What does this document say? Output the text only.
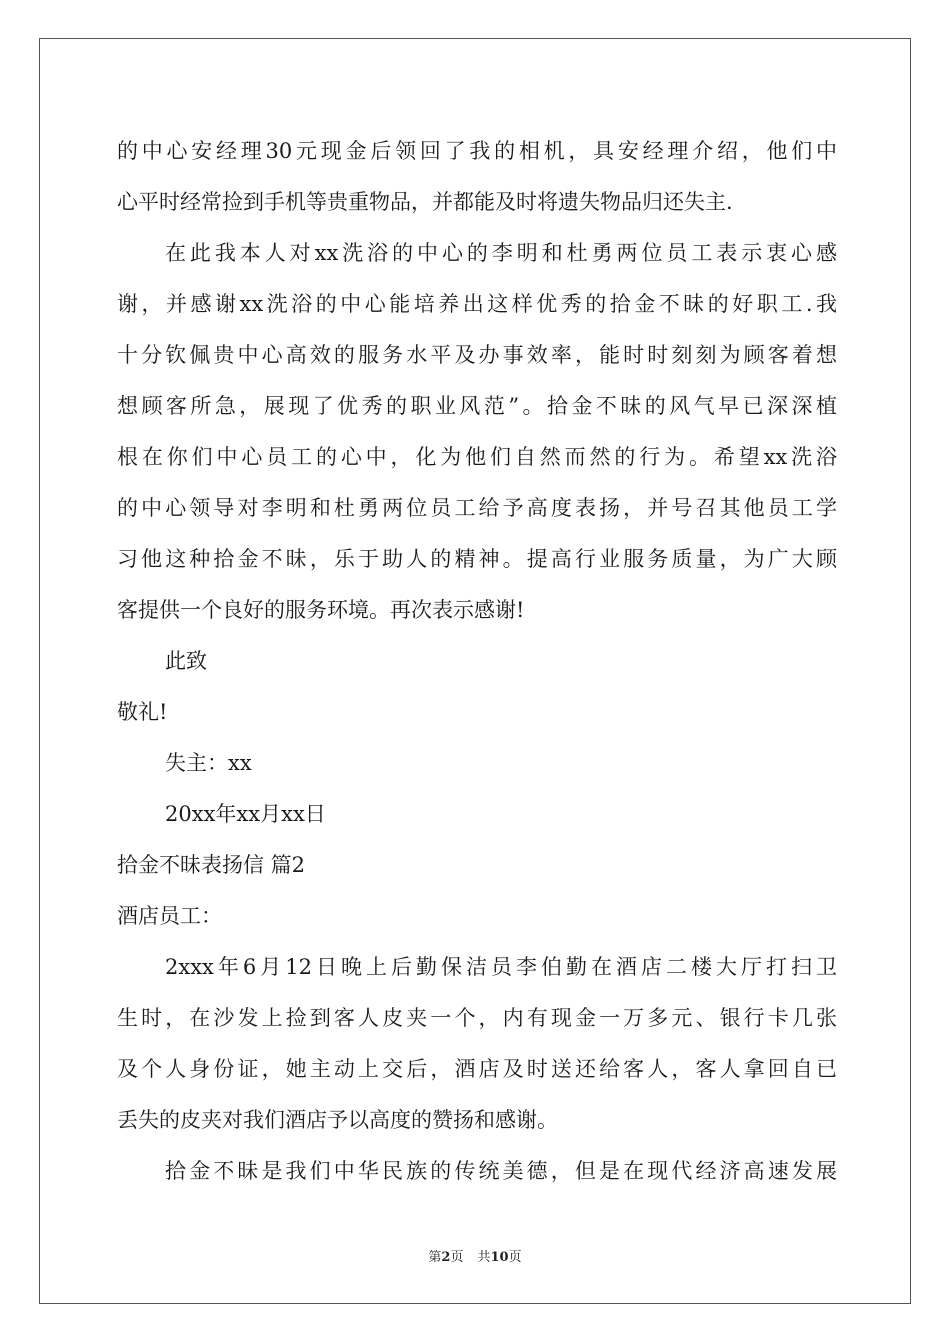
的中心安经理30元现金后领回了我的相机，具安经理介绍，他们中
心平时经常捡到手机等贵重物品，并都能及时将遗失物品归还失主.
在此我本人对xx洗浴的中心的李明和杜勇两位员工表示衷心感
谢，并感谢xx洗浴的中心能培养出这样优秀的拾金不昧的好职工.我
十分钦佩贵中心高效的服务水平及办事效率，能时时刻刻为顾客着想
想顾客所急，展现了优秀的职业风范”。拾金不昧的风气早已深深植
根在你们中心员工的心中，化为他们自然而然的行为。希望xx洗浴
的中心领导对李明和杜勇两位员工给予高度表扬，并号召其他员工学
习他这种拾金不昧，乐于助人的精神。提高行业服务质量，为广大顾
客提供一个良好的服务环境。再次表示感谢!
此致
敬礼!
失主：xx
20xx年xx月xx日
拾金不昧表扬信 篇2
酒店员工：
2xxx年6月12日晚上后勤保洁员李伯勤在酒店二楼大厅打扫卫
生时，在沙发上捡到客人皮夹一个，内有现金一万多元、银行卡几张
及个人身份证，她主动上交后，酒店及时送还给客人，客人拿回自已
丢失的皮夹对我们酒店予以高度的赞扬和感谢。
拾金不昧是我们中华民族的传统美德，但是在现代经济高速发展
第2页 共10页
